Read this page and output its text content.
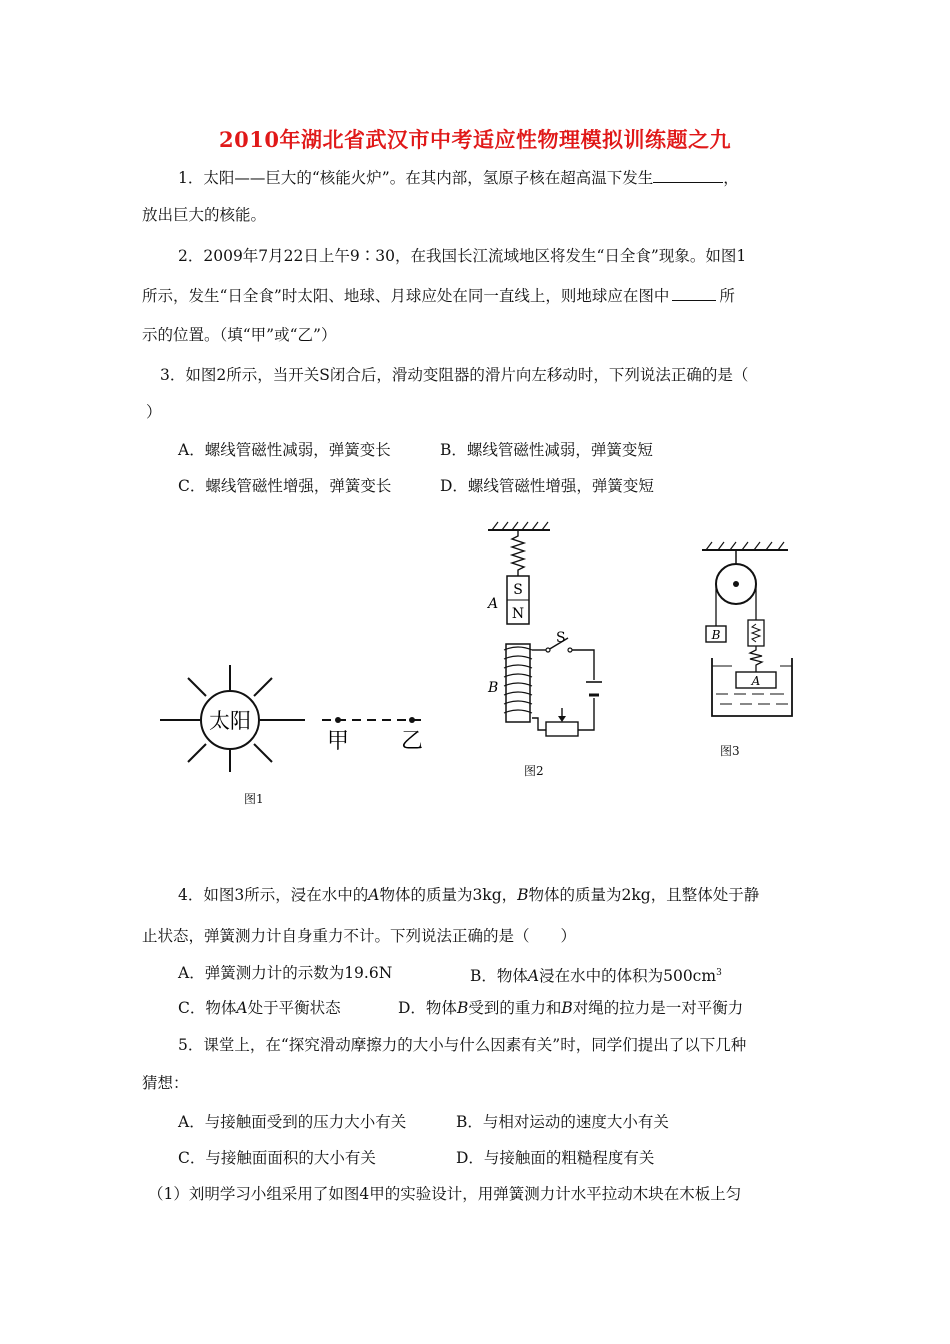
2010年湖北省武汉市中考适应性物理模拟训练题之九
1．太阳——巨大的“核能火炉”。在其内部，氢原子核在超高温下发生	，
放出巨大的核能。
2．2009年7月22日上午9∶30，在我国长江流域地区将发生“日全食”现象。如图1
所示，发生“日全食”时太阳、地球、月球应处在同一直线上，则地球应在图中	所
示的位置。（填“甲”或“乙”）
3．如图2所示，当开关S闭合后，滑动变阻器的滑片向左移动时，下列说法正确的是（
）
A．螺线管磁性减弱，弹簧变长	B．螺线管磁性减弱，弹簧变短
C．螺线管磁性增强，弹簧变长	D．螺线管磁性增强，弹簧变短
太阳
甲 乙
图1
S
N
A
B
S
图2
B
A
图3
4．如图3所示，浸在水中的A物体的质量为3kg，B物体的质量为2kg，且整体处于静
止状态，弹簧测力计自身重力不计。下列说法正确的是（　　）
A．弹簧测力计的示数为19.6N	B．物体A浸在水中的体积为$500cm^3$
C．物体A处于平衡状态	D．物体B受到的重力和B对绳的拉力是一对平衡力
5．课堂上，在“探究滑动摩擦力的大小与什么因素有关”时，同学们提出了以下几种
猜想：
A．与接触面受到的压力大小有关	B．与相对运动的速度大小有关
C．与接触面面积的大小有关	D．与接触面的粗糙程度有关
（1）刘明学习小组采用了如图4甲的实验设计，用弹簧测力计水平拉动木块在木板上匀
